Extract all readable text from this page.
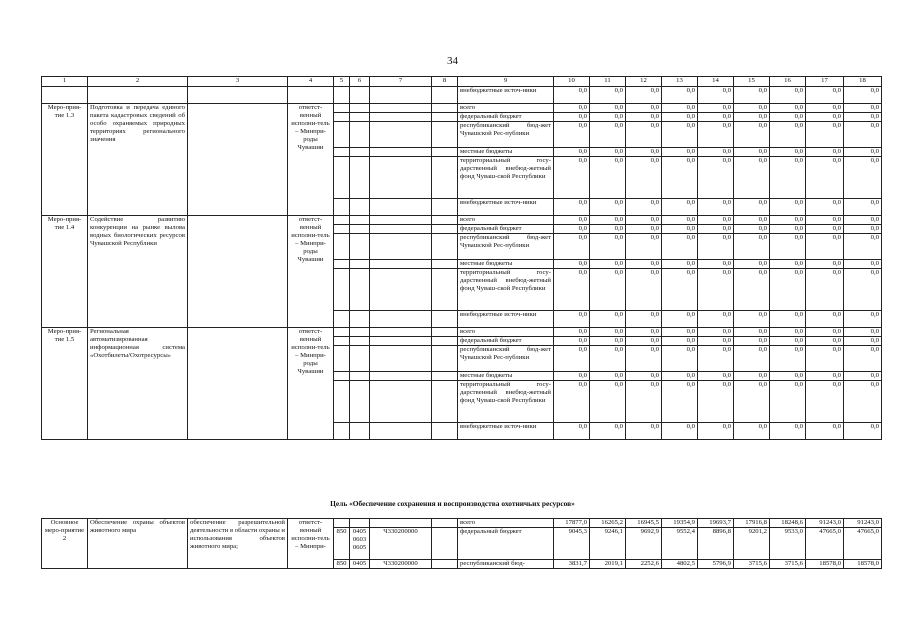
34
1	2	3	4	5	6	7	8	9	10	11	12	13	14	15	16	17	18
								внебюджетные источ-ники	0,0	0,0	0,0	0,0	0,0	0,0	0,0	0,0	0,0
Меро-прия-тие 1.3	Подготовка и передача единого пакета кадастровых сведений об особо охраняемых природных территориях регионального значения		ответст-венный исполни-тель – Минпри-роды Чувашии					всего	0,0	0,0	0,0	0,0	0,0	0,0	0,0	0,0	0,0
								федеральный бюджет	0,0	0,0	0,0	0,0	0,0	0,0	0,0	0,0	0,0
								республиканский бюд-жет Чувашской Рес-публики	0,0	0,0	0,0	0,0	0,0	0,0	0,0	0,0	0,0
								местные бюджеты	0,0	0,0	0,0	0,0	0,0	0,0	0,0	0,0	0,0
								территориальный госу-дарственный внебюд-жетный фонд Чуваш-ской Республики	0,0	0,0	0,0	0,0	0,0	0,0	0,0	0,0	0,0
								внебюджетные источ-ники	0,0	0,0	0,0	0,0	0,0	0,0	0,0	0,0	0,0
Меро-прия-тие 1.4	Содействие развитию конкуренции на рынке вылова водных биологических ресурсов Чувашской Республики		ответст-венный исполни-тель – Минпри-роды Чувашии					всего	0,0	0,0	0,0	0,0	0,0	0,0	0,0	0,0	0,0
								федеральный бюджет	0,0	0,0	0,0	0,0	0,0	0,0	0,0	0,0	0,0
								республиканский бюд-жет Чувашской Рес-публики	0,0	0,0	0,0	0,0	0,0	0,0	0,0	0,0	0,0
								местные бюджеты	0,0	0,0	0,0	0,0	0,0	0,0	0,0	0,0	0,0
								территориальный госу-дарственный внебюд-жетный фонд Чуваш-ской Республики	0,0	0,0	0,0	0,0	0,0	0,0	0,0	0,0	0,0
								внебюджетные источ-ники	0,0	0,0	0,0	0,0	0,0	0,0	0,0	0,0	0,0
Меро-прия-тие 1.5	Региональная автоматизированная информационная система «Охотбилеты/Охотресурсы»		ответст-венный исполни-тель – Минпри-роды Чувашии					всего	0,0	0,0	0,0	0,0	0,0	0,0	0,0	0,0	0,0
								федеральный бюджет	0,0	0,0	0,0	0,0	0,0	0,0	0,0	0,0	0,0
								республиканский бюд-жет Чувашской Рес-публики	0,0	0,0	0,0	0,0	0,0	0,0	0,0	0,0	0,0
								местные бюджеты	0,0	0,0	0,0	0,0	0,0	0,0	0,0	0,0	0,0
								территориальный госу-дарственный внебюд-жетный фонд Чуваш-ской Республики	0,0	0,0	0,0	0,0	0,0	0,0	0,0	0,0	0,0
								внебюджетные источ-ники	0,0	0,0	0,0	0,0	0,0	0,0	0,0	0,0	0,0
Цель «Обеспечение сохранения и воспроизводства охотничьих ресурсов»
Основное меро-приятие 2	Обеспечение охраны объектов животного мира	обеспечение разрешительной деятельности в области охраны и использования объектов животного мира;	ответст-венный исполни-тель – Минпри-					всего	17877,0	16265,2	16945,5	19354,9	19693,7	17916,8	18248,6	91243,0	91243,0
				850	0405 0603 0605	Ч330200000		федеральный бюджет	9045,3	9246,1	9692,9	9552,4	8896,8	9201,2	9533,0	47665,0	47665,0
				850	0405	Ч330200000		республиканский бюд-	3831,7	2019,1	2252,6	4802,5	5796,9	3715,6	3715,6	18578,0	18578,0
